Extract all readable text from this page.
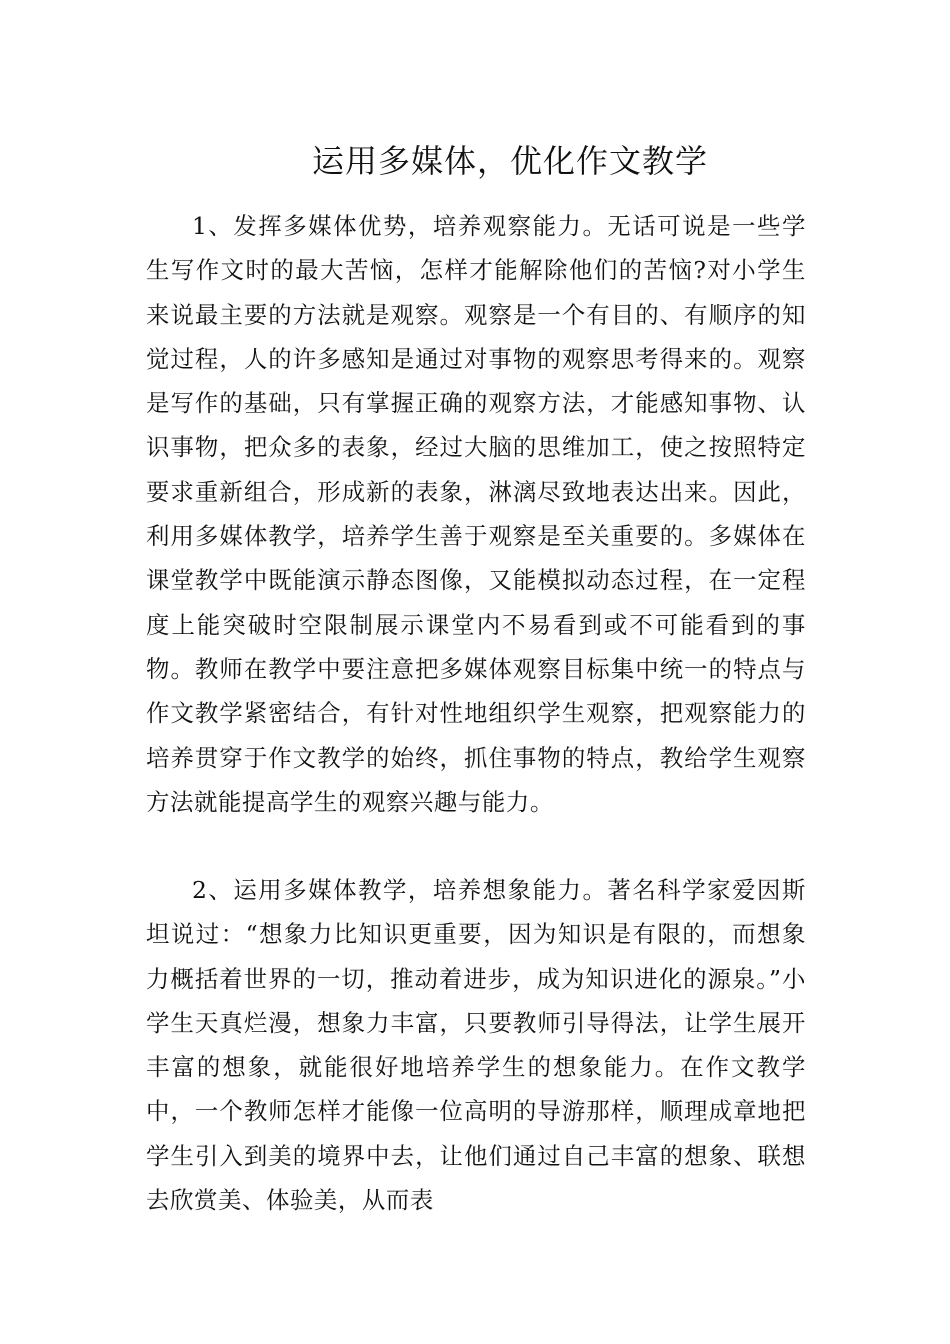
运用多媒体，优化作文教学

1、发挥多媒体优势，培养观察能力。无话可说是一些学生写作文时的最大苦恼，怎样才能解除他们的苦恼?对小学生来说最主要的方法就是观察。观察是一个有目的、有顺序的知觉过程，人的许多感知是通过对事物的观察思考得来的。观察是写作的基础，只有掌握正确的观察方法，才能感知事物、认识事物，把众多的表象，经过大脑的思维加工，使之按照特定要求重新组合，形成新的表象，淋漓尽致地表达出来。因此，利用多媒体教学，培养学生善于观察是至关重要的。多媒体在课堂教学中既能演示静态图像，又能模拟动态过程，在一定程度上能突破时空限制展示课堂内不易看到或不可能看到的事物。教师在教学中要注意把多媒体观察目标集中统一的特点与作文教学紧密结合，有针对性地组织学生观察，把观察能力的培养贯穿于作文教学的始终，抓住事物的特点，教给学生观察方法就能提高学生的观察兴趣与能力。

2、运用多媒体教学，培养想象能力。著名科学家爱因斯坦说过：“想象力比知识更重要，因为知识是有限的，而想象力概括着世界的一切，推动着进步，成为知识进化的源泉。”小学生天真烂漫，想象力丰富，只要教师引导得法，让学生展开丰富的想象，就能很好地培养学生的想象能力。在作文教学中，一个教师怎样才能像一位高明的导游那样，顺理成章地把学生引入到美的境界中去，让他们通过自己丰富的想象、联想去欣赏美、体验美，从而表
